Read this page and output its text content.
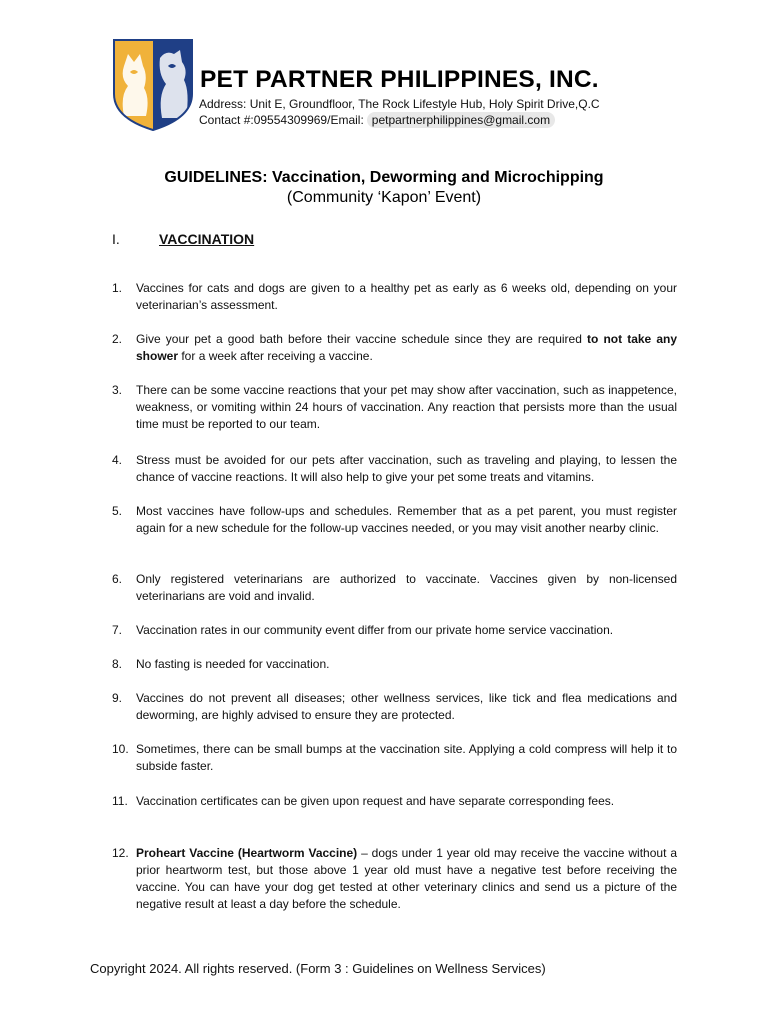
PET PARTNER PHILIPPINES, INC.
Address: Unit E, Groundfloor, The Rock Lifestyle Hub, Holy Spirit Drive,Q.C
Contact #:09554309969/Email: petpartnerphilippines@gmail.com
GUIDELINES: Vaccination, Deworming and Microchipping
(Community ‘Kapon’ Event)
I.	VACCINATION
1.	Vaccines for cats and dogs are given to a healthy pet as early as 6 weeks old, depending on your veterinarian’s assessment.
2.	Give your pet a good bath before their vaccine schedule since they are required to not take any shower for a week after receiving a vaccine.
3.	There can be some vaccine reactions that your pet may show after vaccination, such as inappetence, weakness, or vomiting within 24 hours of vaccination. Any reaction that persists more than the usual time must be reported to our team.
4.	Stress must be avoided for our pets after vaccination, such as traveling and playing, to lessen the chance of vaccine reactions. It will also help to give your pet some treats and vitamins.
5.	Most vaccines have follow-ups and schedules. Remember that as a pet parent, you must register again for a new schedule for the follow-up vaccines needed, or you may visit another nearby clinic.
6.	Only registered veterinarians are authorized to vaccinate. Vaccines given by non-licensed veterinarians are void and invalid.
7.	Vaccination rates in our community event differ from our private home service vaccination.
8.	No fasting is needed for vaccination.
9.	Vaccines do not prevent all diseases; other wellness services, like tick and flea medications and deworming, are highly advised to ensure they are protected.
10. Sometimes, there can be small bumps at the vaccination site. Applying a cold compress will help it to subside faster.
11. Vaccination certificates can be given upon request and have separate corresponding fees.
12. Proheart Vaccine (Heartworm Vaccine) – dogs under 1 year old may receive the vaccine without a prior heartworm test, but those above 1 year old must have a negative test before receiving the vaccine. You can have your dog get tested at other veterinary clinics and send us a picture of the negative result at least a day before the schedule.
Copyright 2024. All rights reserved. (Form 3 : Guidelines on Wellness Services)
